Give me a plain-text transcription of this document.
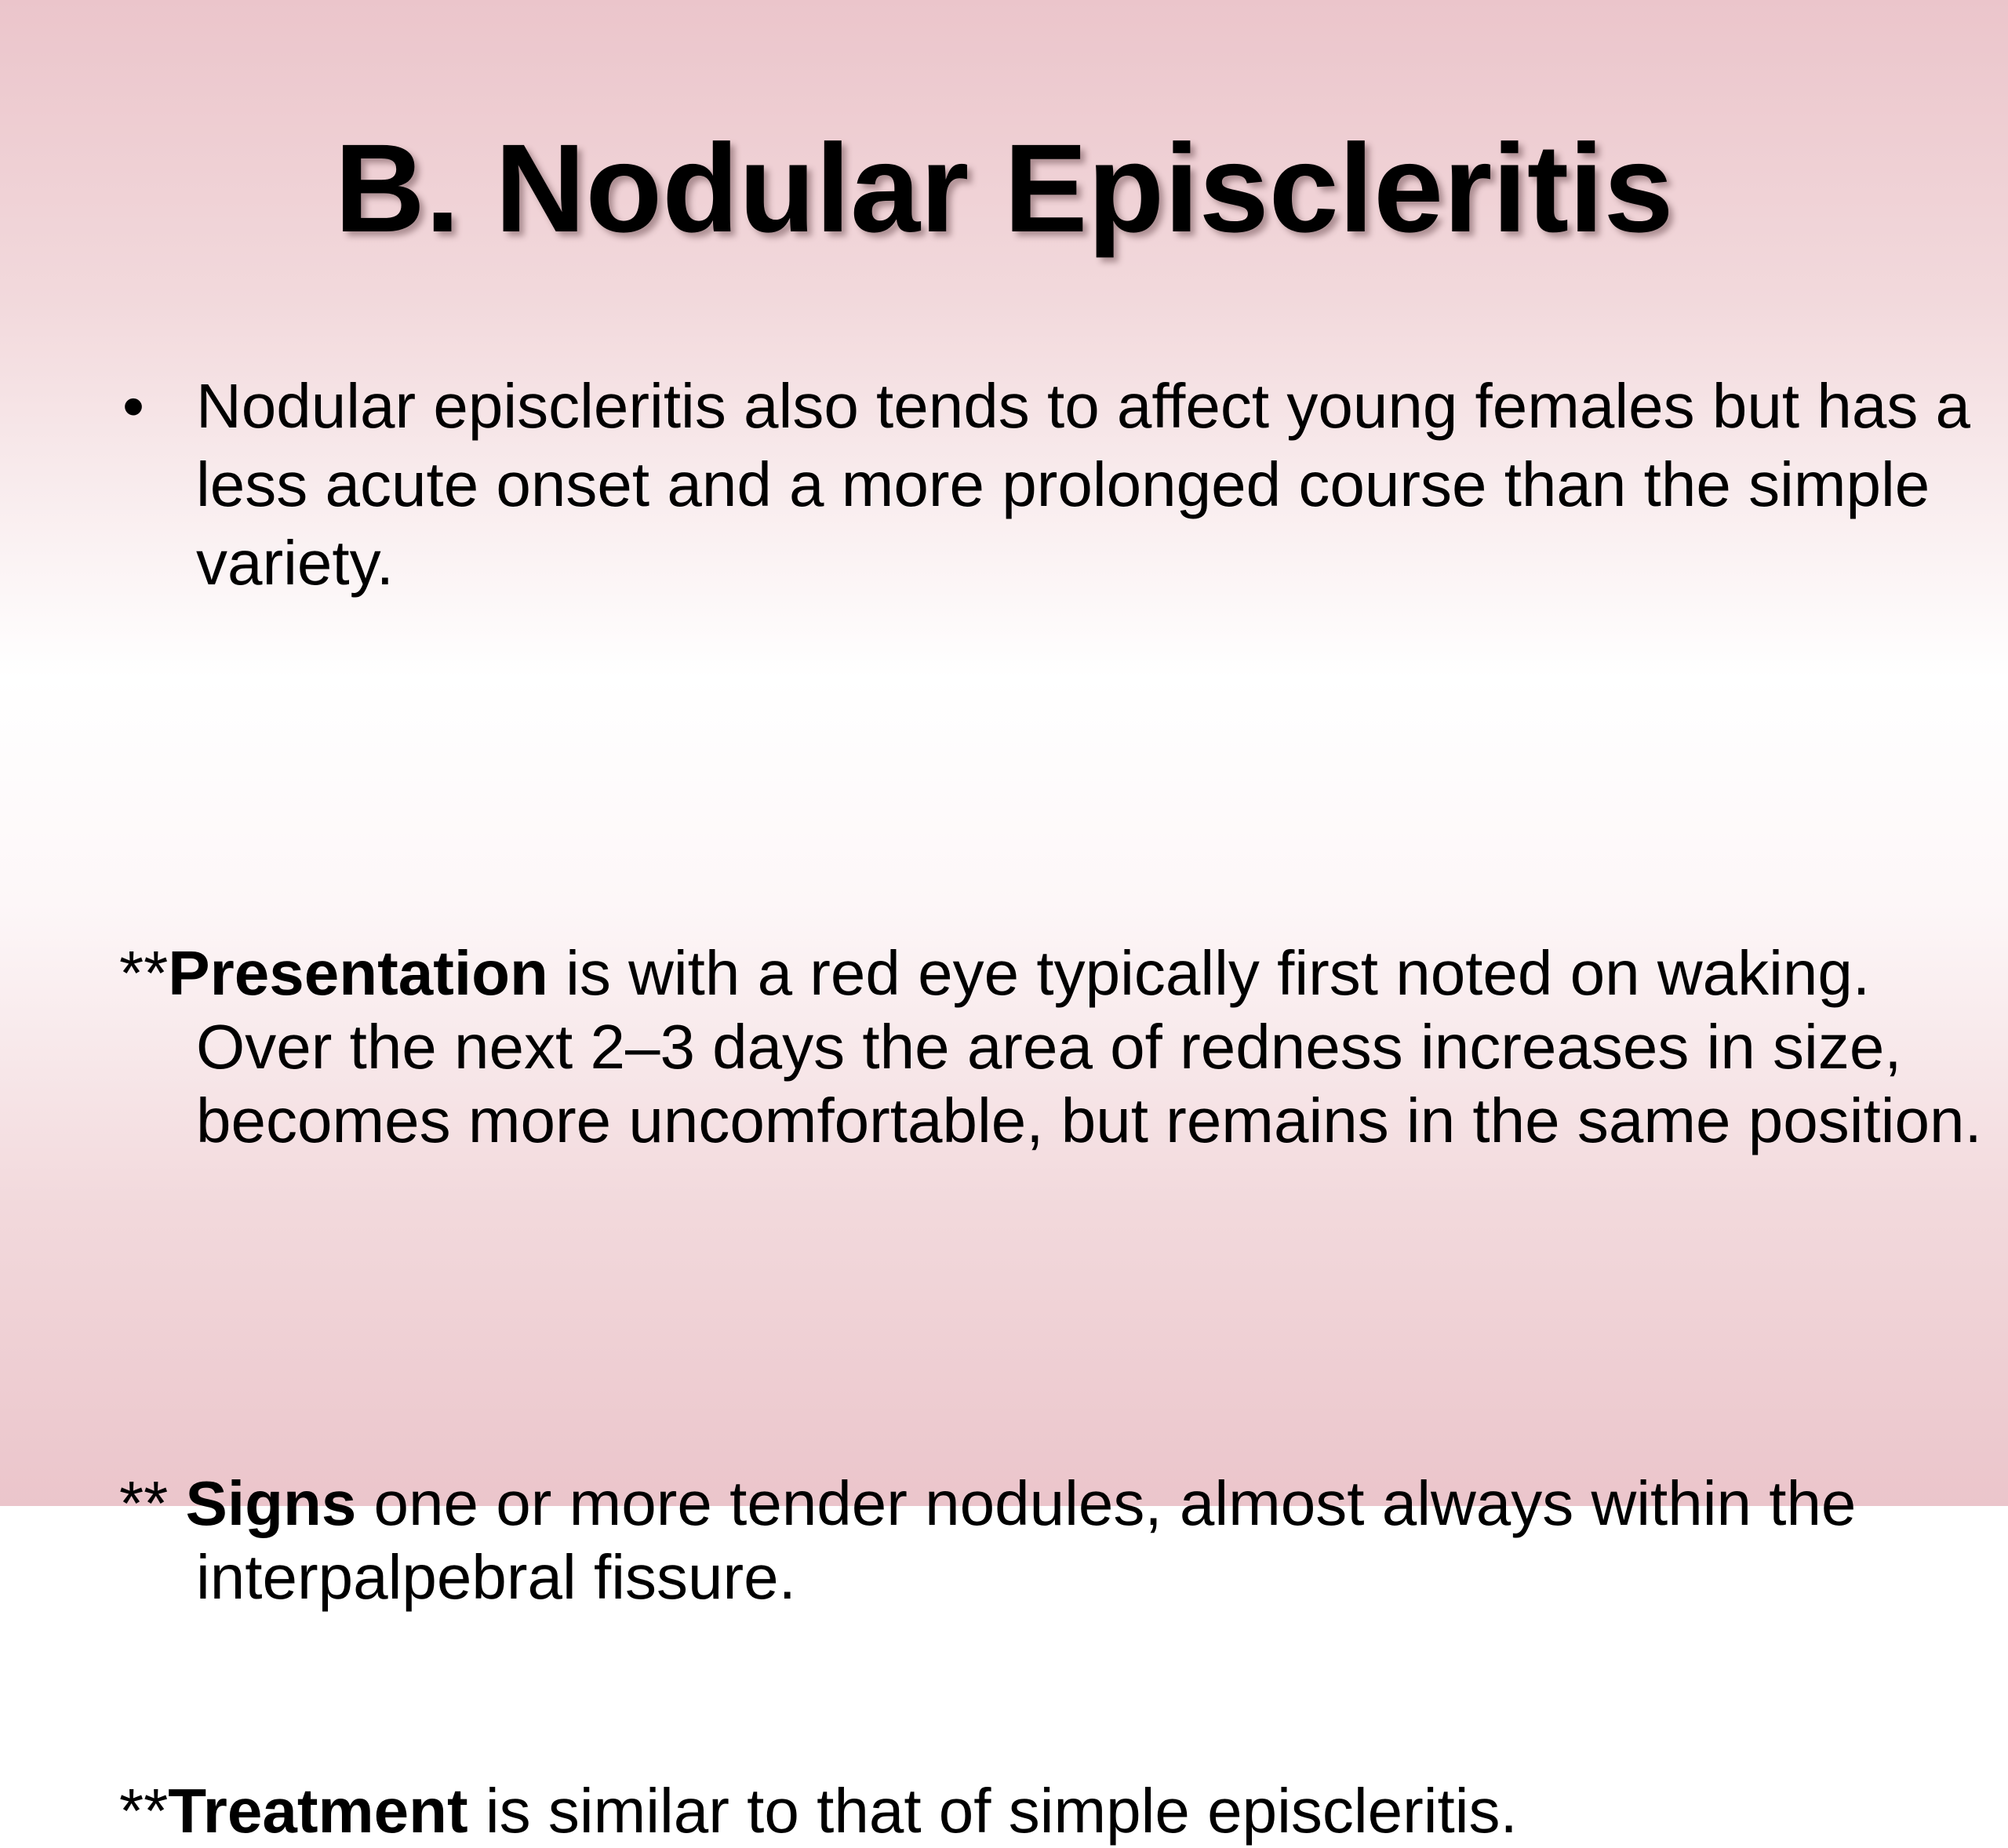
B. Nodular Episcleritis

• Nodular episcleritis also tends to affect young females but has a less acute onset and a more prolonged course than the simple variety.

**Presentation is with a red eye typically first noted on waking. Over the next 2–3 days the area of redness increases in size, becomes more uncomfortable, but remains in the same position.

** Signs one or more tender nodules, almost always within the interpalpebral fissure.

**Treatment is similar to that of simple episcleritis.
